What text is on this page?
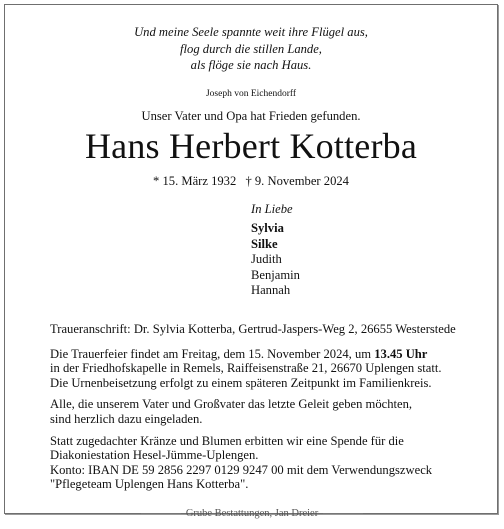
Und meine Seele spannte weit ihre Flügel aus,
flog durch die stillen Lande,
als flöge sie nach Haus.
Joseph von Eichendorff
Unser Vater und Opa hat Frieden gefunden.
Hans Herbert Kotterba
* 15. März 1932 † 9. November 2024
In Liebe
Sylvia
Silke
Judith
Benjamin
Hannah

Traueranschrift: Dr. Sylvia Kotterba, Gertrud-Jaspers-Weg 2, 26655 Westerstede

Die Trauerfeier findet am Freitag, dem 15. November 2024, um 13.45 Uhr
in der Friedhofskapelle in Remels, Raiffeisenstraße 21, 26670 Uplengen statt.
Die Urnenbeisetzung erfolgt zu einem späteren Zeitpunkt im Familienkreis.

Alle, die unserem Vater und Großvater das letzte Geleit geben möchten,
sind herzlich dazu eingeladen.

Statt zugedachter Kränze und Blumen erbitten wir eine Spende für die
Diakoniestation Hesel-Jümme-Uplengen.
Konto: IBAN DE 59 2856 2297 0129 9247 00 mit dem Verwendungszweck
"Pflegeteam Uplengen Hans Kotterba".

Grube Bestattungen, Jan Dreier
